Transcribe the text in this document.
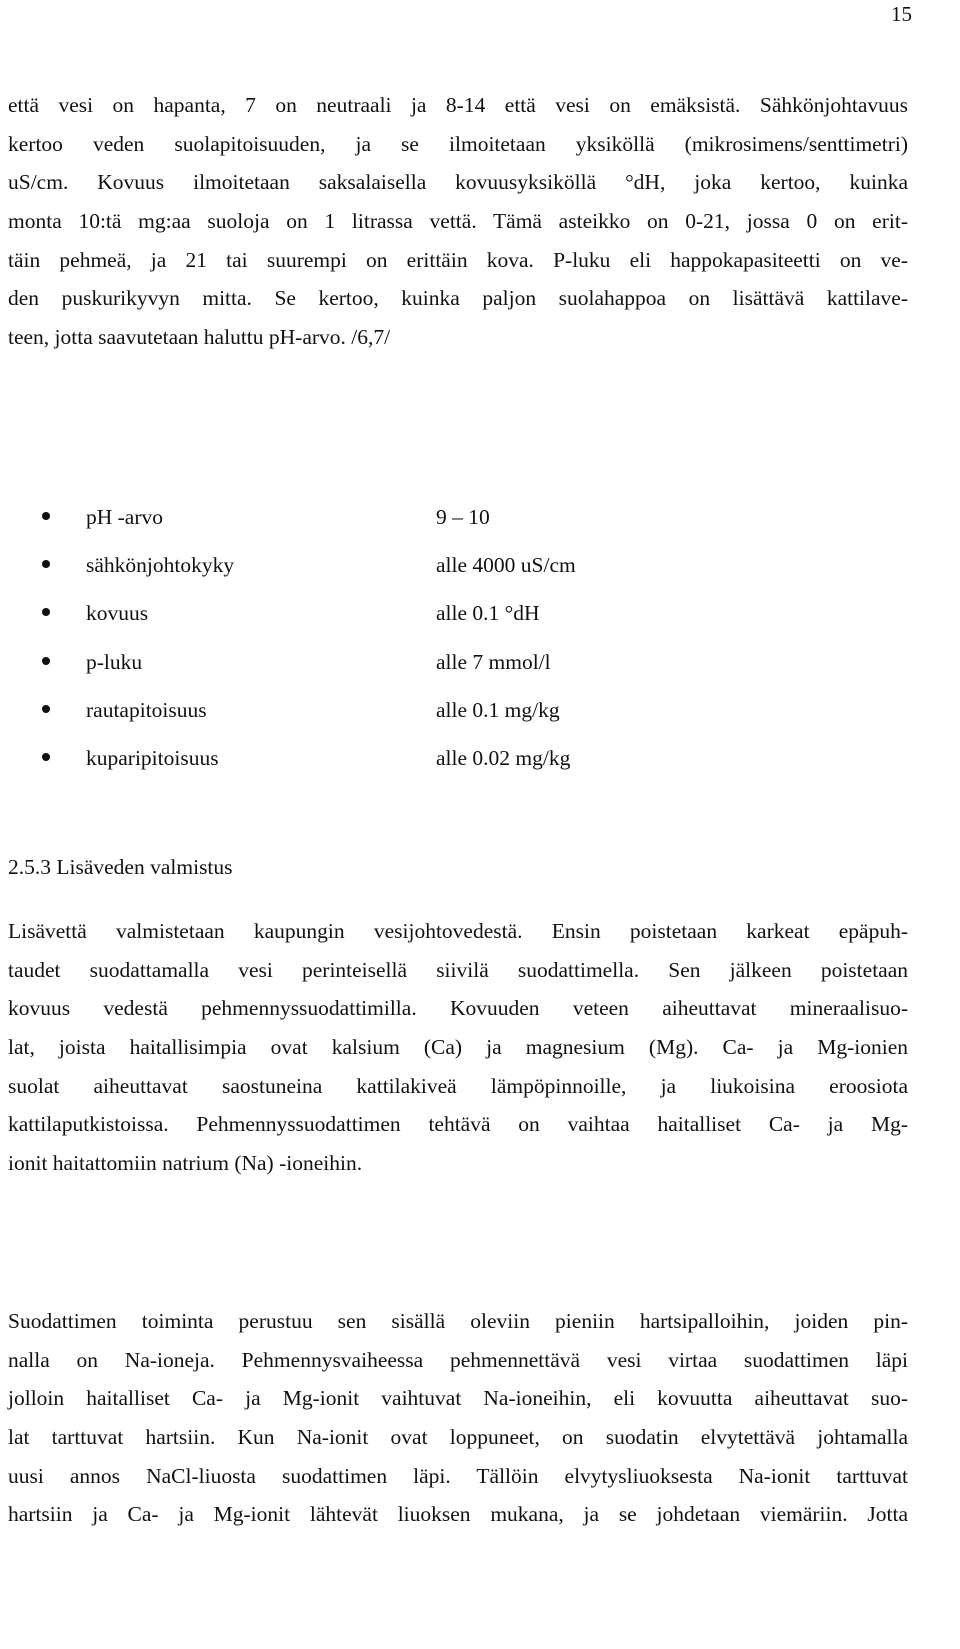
15
että vesi on hapanta, 7 on neutraali ja 8-14 että vesi on emäksistä. Sähkönjohtavuus
kertoo veden suolapitoisuuden, ja se ilmoitetaan yksiköllä (mikrosimens/senttimetri)
uS/cm. Kovuus ilmoitetaan saksalaisella kovuusyksiköllä °dH, joka kertoo, kuinka
monta 10:tä mg:aa suoloja on 1 litrassa vettä. Tämä asteikko on 0-21, jossa 0 on erit-
täin pehmeä, ja 21 tai suurempi on erittäin kova. P-luku eli happokapasiteetti on ve-
den puskurikyvyn mitta. Se kertoo, kuinka paljon suolahappoa on lisättävä kattilave-
teen, jotta saavutetaan haluttu pH-arvo. /6,7/
pH -arvo	9 – 10
sähkönjohtokyky	alle 4000 uS/cm
kovuus	alle 0.1 °dH
p-luku	alle 7 mmol/l
rautapitoisuus	alle 0.1 mg/kg
kuparipitoisuus	alle 0.02 mg/kg
2.5.3 Lisäveden valmistus
Lisävettä valmistetaan kaupungin vesijohtovedestä. Ensin poistetaan karkeat epäpuh-
taudet suodattamalla vesi perinteisellä siivilä suodattimella. Sen jälkeen poistetaan
kovuus vedestä pehmennyssuodattimilla. Kovuuden veteen aiheuttavat mineraalisuo-
lat, joista haitallisimpia ovat kalsium (Ca) ja magnesium (Mg). Ca- ja Mg-ionien
suolat aiheuttavat saostuneina kattilakiveä lämpöpinnoille, ja liukoisina eroosiota
kattilaputkistoissa. Pehmennyssuodattimen tehtävä on vaihtaa haitalliset Ca- ja Mg-
ionit haitattomiin natrium (Na) -ioneihin.
Suodattimen toiminta perustuu sen sisällä oleviin pieniin hartsipalloihin, joiden pin-
nalla on Na-ioneja. Pehmennysvaiheessa pehmennettävä vesi virtaa suodattimen läpi
jolloin haitalliset Ca- ja Mg-ionit vaihtuvat Na-ioneihin, eli kovuutta aiheuttavat suo-
lat tarttuvat hartsiin. Kun Na-ionit ovat loppuneet, on suodatin elvytettävä johtamalla
uusi annos NaCl-liuosta suodattimen läpi. Tällöin elvytysliuoksesta Na-ionit tarttuvat
hartsiin ja Ca- ja Mg-ionit lähtevät liuoksen mukana, ja se johdetaan viemäriin. Jotta
